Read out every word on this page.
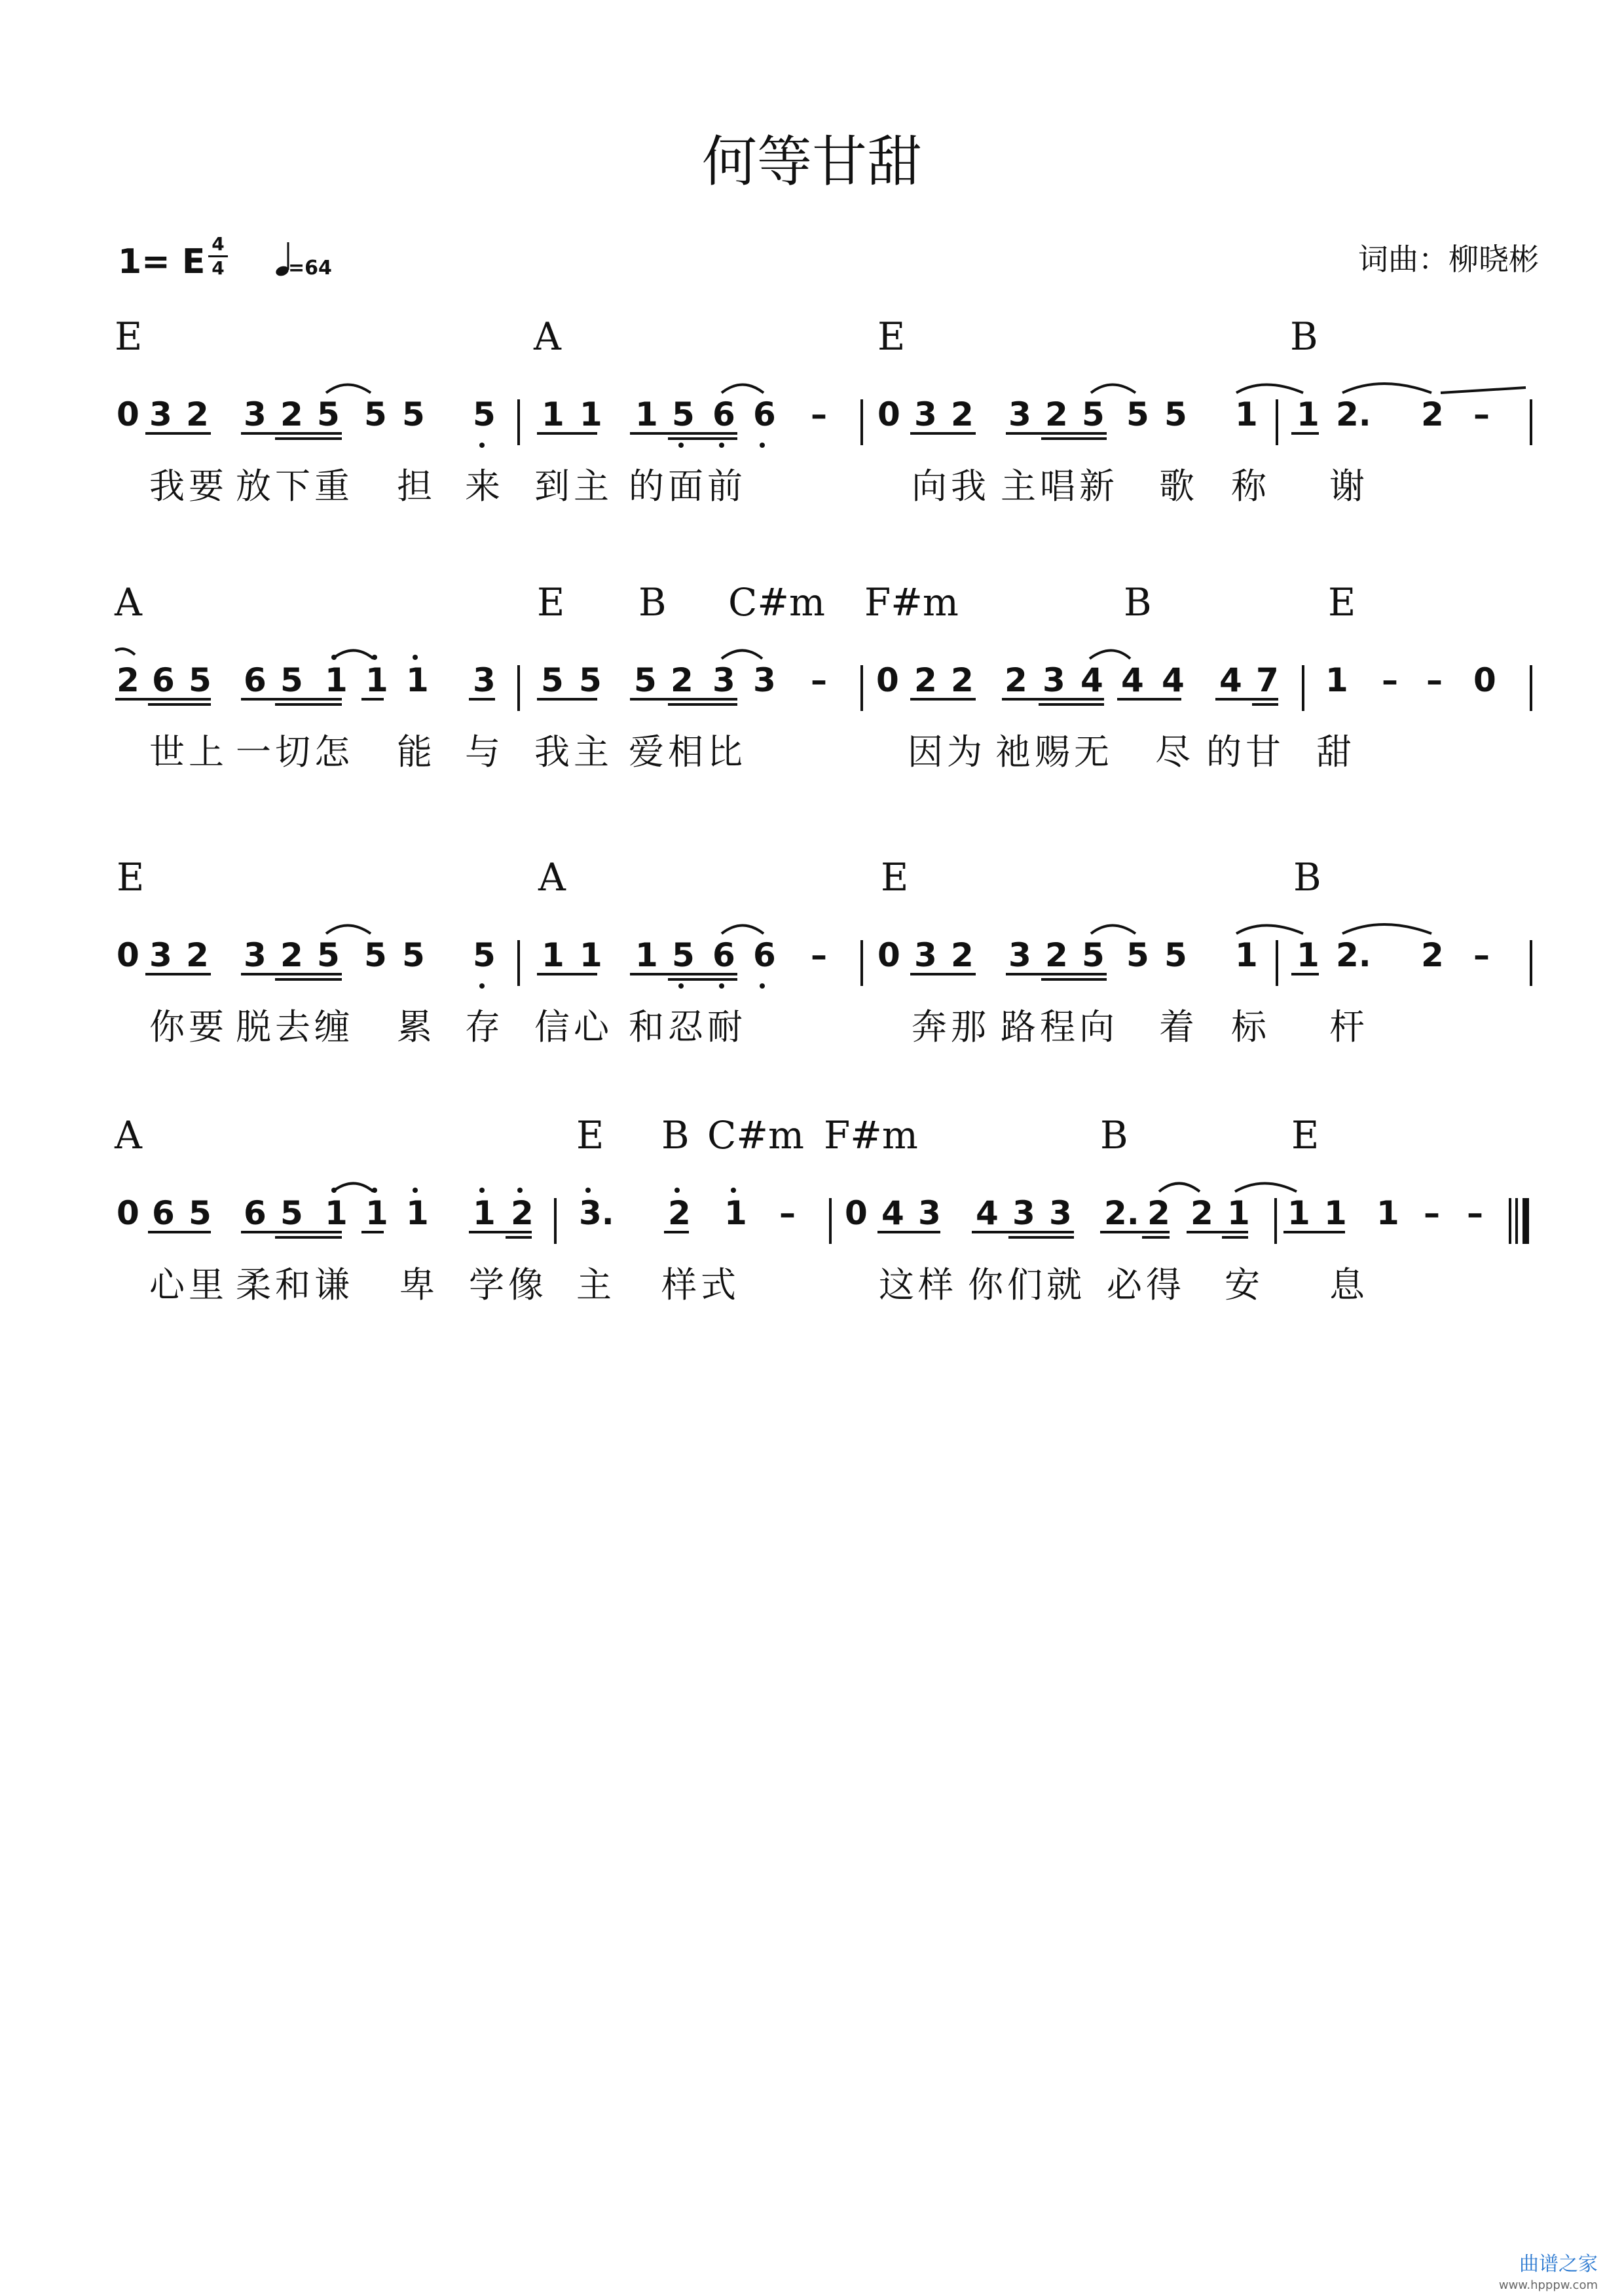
何等甘甜
1= E 4
4	=64	词曲：柳晓彬
E	A	E	B
0 3 2 3 2 5 5 5 5 1 1 1 5 6 6 – 0 3 2 3 2 5 5 5 1 1 2. 2 –
我要 放下重 担 来 到主 的面前	向我 主唱新 歌 称 谢
A	E B C#m F#m	B	E
2 6 5 6 5 1 1 1 3 5 5 5 2 3 3 – 0 2 2 2 3 4 4 4 4 7 1 – – 0
世上 一切怎 能 与 我主 爱相比	因为 祂赐无 尽 的甘 甜
E	A	E	B
0 3 2 3 2 5 5 5 5 1 1 1 5 6 6 – 0 3 2 3 2 5 5 5 1 1 2. 2 –
你要 脱去缠 累 存 信心 和忍耐	奔那 路程向 着 标 杆
A	E B C#m F#m	B	E
0 6 5 6 5 1 1 1 1 2 3. 2 1 – 0 4 3 4 3 3 2. 2 2 1 1 1 1 – –
心里 柔和谦 卑 学像 主 样式	这样 你们就 必得 安 息
曲谱之家
www.hpppw.com
